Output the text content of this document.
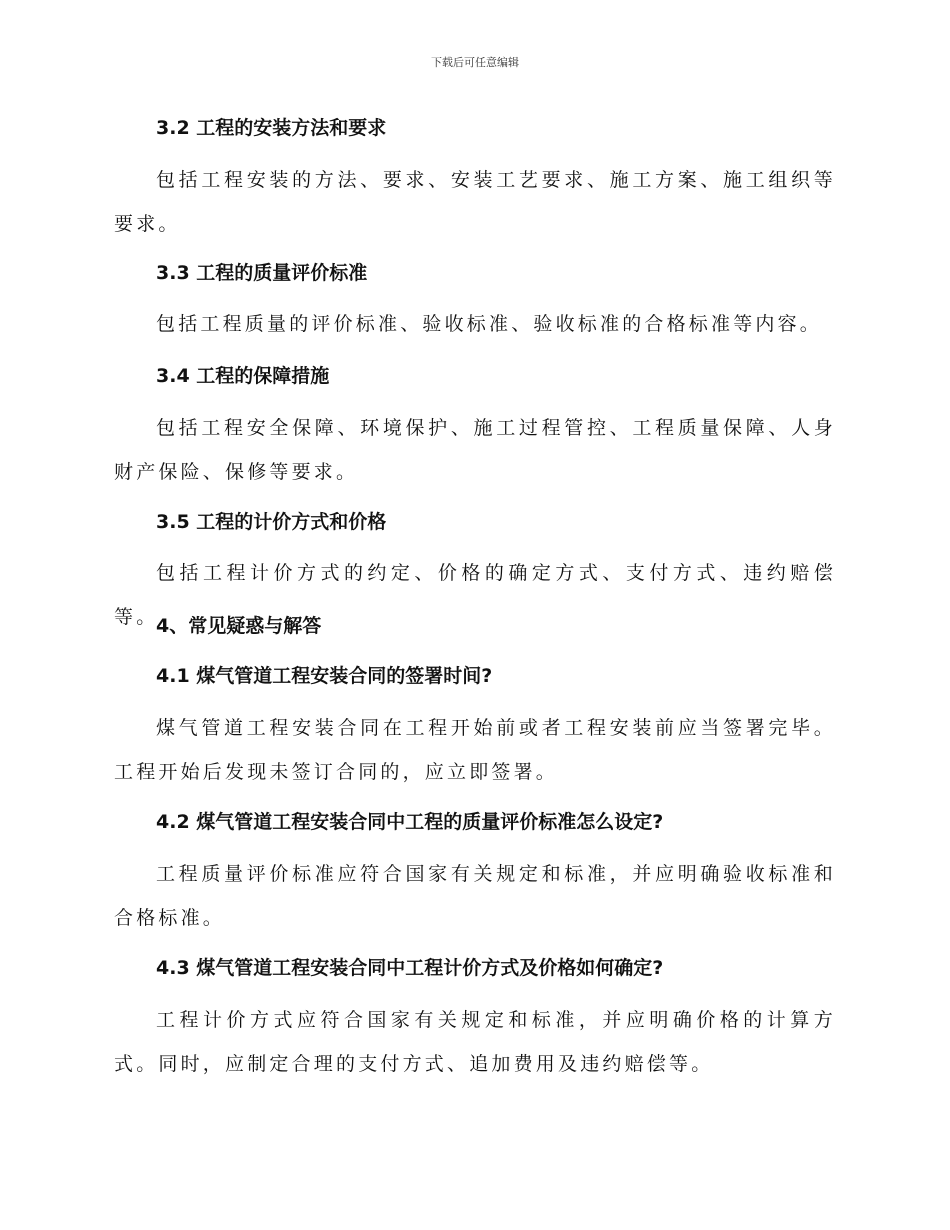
下载后可任意编辑
3.2 工程的安装方法和要求

包括工程安装的方法、要求、安装工艺要求、施工方案、施工组织等要求。

3.3 工程的质量评价标准

包括工程质量的评价标准、验收标准、验收标准的合格标准等内容。

3.4 工程的保障措施

包括工程安全保障、环境保护、施工过程管控、工程质量保障、人身财产保险、保修等要求。

3.5 工程的计价方式和价格

包括工程计价方式的约定、价格的确定方式、支付方式、违约赔偿等。

4、常见疑惑与解答
4.1 煤气管道工程安装合同的签署时间?

煤气管道工程安装合同在工程开始前或者工程安装前应当签署完毕。工程开始后发现未签订合同的，应立即签署。

4.2 煤气管道工程安装合同中工程的质量评价标准怎么设定?

工程质量评价标准应符合国家有关规定和标准，并应明确验收标准和合格标准。

4.3 煤气管道工程安装合同中工程计价方式及价格如何确定?

工程计价方式应符合国家有关规定和标准，并应明确价格的计算方式。同时，应制定合理的支付方式、追加费用及违约赔偿等。
